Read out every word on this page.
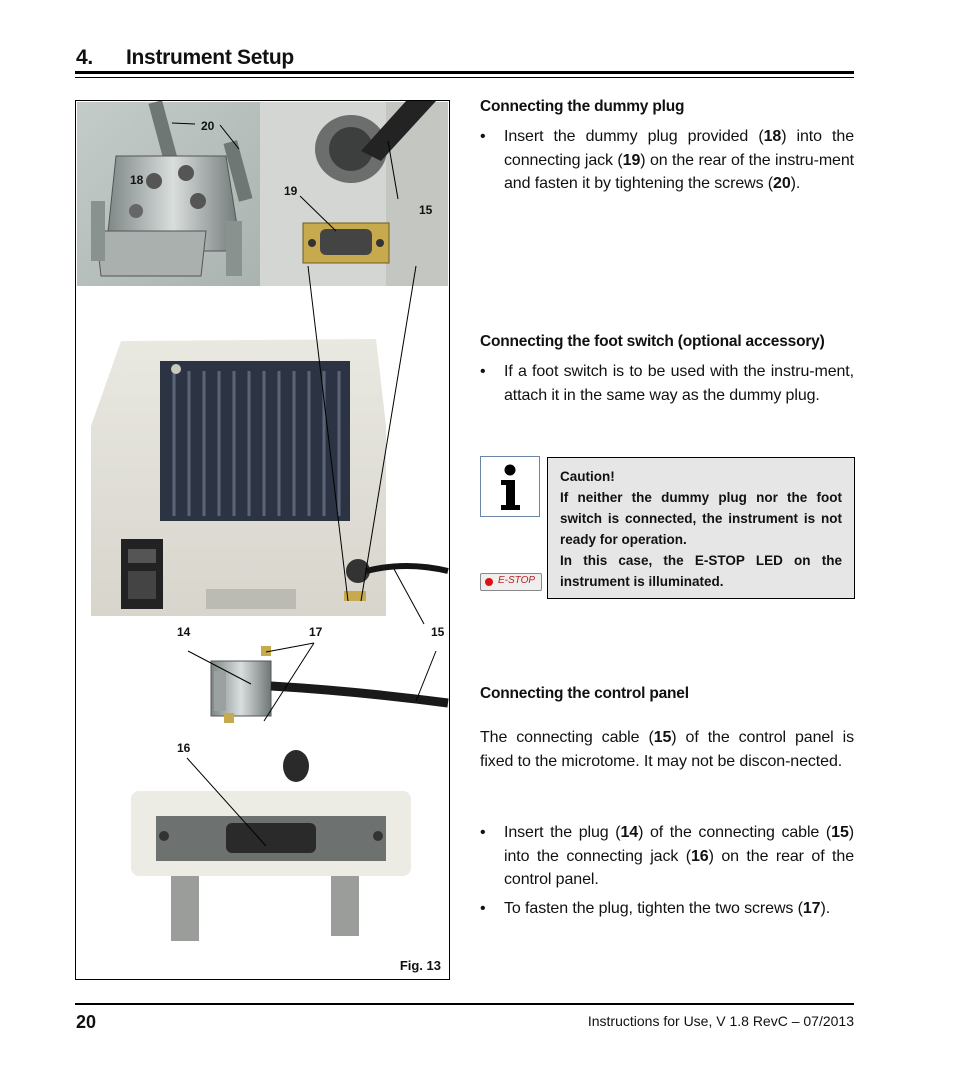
4. Instrument Setup
20
18
19
15
14	17	15
16
Fig. 13
Connecting the dummy plug
• Insert the dummy plug provided (18) into the connecting jack (19) on the rear of the instru-ment and fasten it by tightening the screws (20).
Connecting the foot switch (optional accessory)
• If a foot switch is to be used with the instru-ment, attach it in the same way as the dummy plug.
E-STOP
Caution!
If neither the dummy plug nor the foot switch is connected, the instrument is not ready for operation.
In this case, the E-STOP LED on the instrument is illuminated.
Connecting the control panel
The connecting cable (15) of the control panel is fixed to the microtome. It may not be discon-nected.
• Insert the plug (14) of the connecting cable (15) into the connecting jack (16) on the rear of the control panel.
• To fasten the plug, tighten the two screws (17).
20	Instructions for Use, V 1.8 RevC – 07/2013
